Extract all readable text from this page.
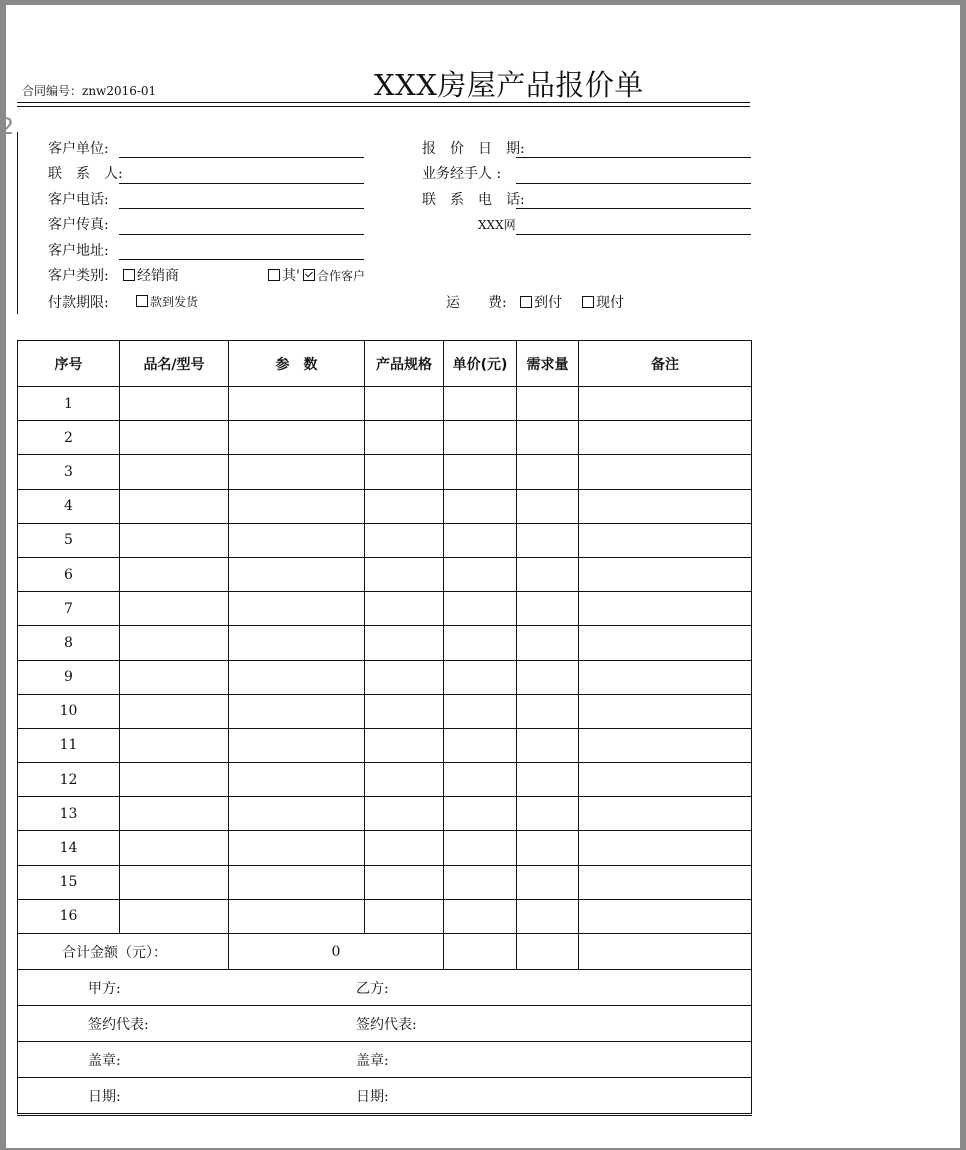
2
合同编号：znw2016-01	XXX房屋产品报价单
客户单位:
联　系　人:
客户电话:
客户传真:
客户地址:
报　价　日　期:
业务经手人 :
联　系　电　话:
XXX网
客户类别:	经销商	其'	合作客户
付款期限:	款到发货	运　　费:	到付	现付
序号	品名/型号	参　数	产品规格	单价(元)	需求量	备注
1						
2						
3						
4						
5						
6						
7						
8						
9						
10						
11						
12						
13						
14						
15						
16						
合计金额（元）：		0				
甲方: 乙方:						
签约代表: 签约代表:						
盖章: 盖章:						
日期: 日期:						
